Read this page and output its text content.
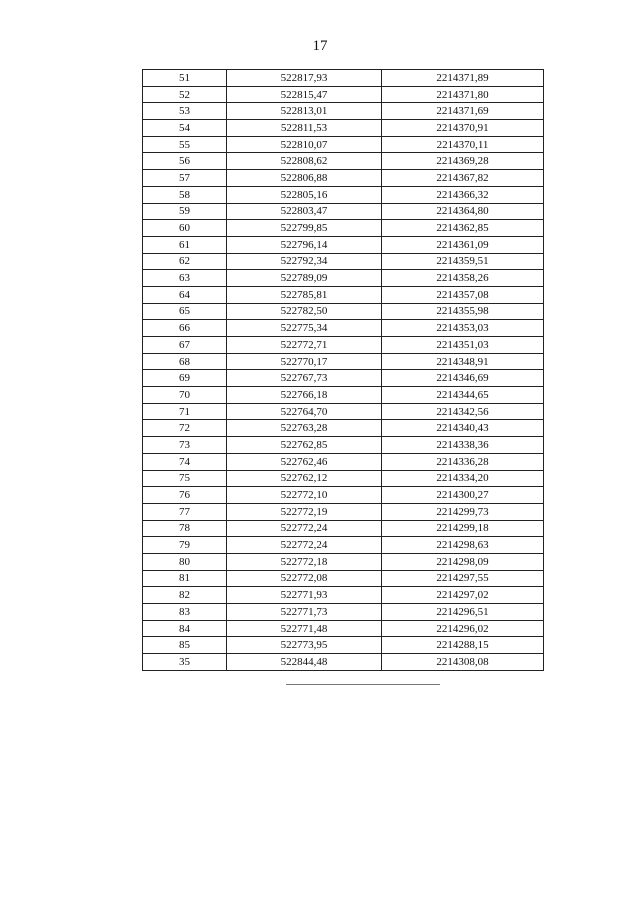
17
51	522817,93	2214371,89
52	522815,47	2214371,80
53	522813,01	2214371,69
54	522811,53	2214370,91
55	522810,07	2214370,11
56	522808,62	2214369,28
57	522806,88	2214367,82
58	522805,16	2214366,32
59	522803,47	2214364,80
60	522799,85	2214362,85
61	522796,14	2214361,09
62	522792,34	2214359,51
63	522789,09	2214358,26
64	522785,81	2214357,08
65	522782,50	2214355,98
66	522775,34	2214353,03
67	522772,71	2214351,03
68	522770,17	2214348,91
69	522767,73	2214346,69
70	522766,18	2214344,65
71	522764,70	2214342,56
72	522763,28	2214340,43
73	522762,85	2214338,36
74	522762,46	2214336,28
75	522762,12	2214334,20
76	522772,10	2214300,27
77	522772,19	2214299,73
78	522772,24	2214299,18
79	522772,24	2214298,63
80	522772,18	2214298,09
81	522772,08	2214297,55
82	522771,93	2214297,02
83	522771,73	2214296,51
84	522771,48	2214296,02
85	522773,95	2214288,15
35	522844,48	2214308,08
